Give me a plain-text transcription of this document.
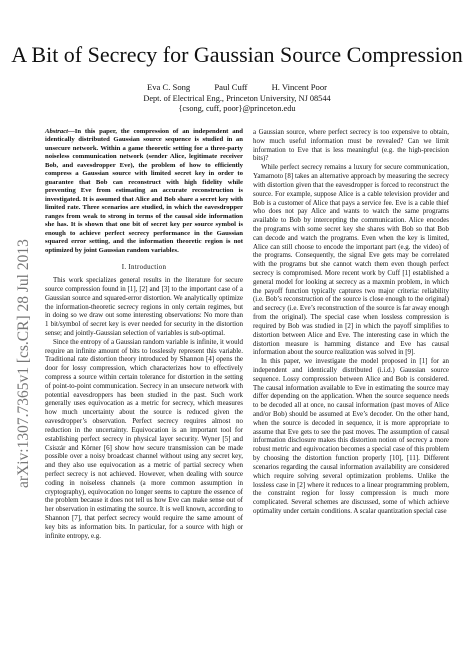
A Bit of Secrecy for Gaussian Source Compression
Eva C. Song	Paul Cuff	H. Vincent Poor
Dept. of Electrical Eng., Princeton University, NJ 08544
{csong, cuff, poor}@princeton.edu
arXiv:1307.7365v1 [cs.CR] 28 Jul 2013
Abstract—In this paper, the compression of an independent and identically distributed Gaussian source sequence is studied in an unsecure network. Within a game theoretic setting for a three-party noiseless communication network (sender Alice, legitimate receiver Bob, and eavesdropper Eve), the problem of how to efficiently compress a Gaussian source with limited secret key in order to guarantee that Bob can reconstruct with high fidelity while preventing Eve from estimating an accurate reconstruction is investigated. It is assumed that Alice and Bob share a secret key with limited rate. Three scenarios are studied, in which the eavesdropper ranges from weak to strong in terms of the causal side information she has. It is shown that one bit of secret key per source symbol is enough to achieve perfect secrecy performance in the Gaussian squared error setting, and the information theoretic region is not optimized by joint Gaussian random variables.
I. Introduction

This work specializes general results in the literature for secure source compression found in [1], [2] and [3] to the important case of a Gaussian source and squared-error distortion. We analytically optimize the information-theoretic secrecy regions in only certain regimes, but in doing so we draw out some interesting observations: No more than 1 bit/symbol of secret key is ever needed for security in the distortion sense; and jointly-Gaussian selection of variables is sub-optimal.

Since the entropy of a Gaussian random variable is infinite, it would require an infinite amount of bits to losslessly represent this variable. Traditional rate distortion theory introduced by Shannon [4] opens the door for lossy compression, which characterizes how to effectively compress a source within certain tolerance for distortion in the setting of point-to-point communication. Secrecy in an unsecure network with potential eavesdroppers has been studied in the past. Such work generally uses equivocation as a metric for secrecy, which measures how much uncertainty about the source is reduced given the eavesdropper’s observation. Perfect secrecy requires almost no reduction in the uncertainty. Equivocation is an important tool for establishing perfect secrecy in physical layer security. Wyner [5] and Csiszár and Körner [6] show how secure transmission can be made possible over a noisy broadcast channel without using any secret key, and they also use equivocation as a metric of partial secrecy when perfect secrecy is not achieved. However, when dealing with source coding in noiseless channels (a more common assumption in cryptography), equivocation no longer seems to capture the essence of the problem because it does not tell us how Eve can make sense out of her observation in estimating the source. It is well known, according to Shannon [7], that perfect secrecy would require the same amount of key bits as information bits. In particular, for a source with high or infinite entropy, e.g.

a Gaussian source, where perfect secrecy is too expensive to obtain, how much useful information must be revealed? Can we limit information to Eve that is less meaningful (e.g. the high-precision bits)?

While perfect secrecy remains a luxury for secure communication, Yamamoto [8] takes an alternative approach by measuring the secrecy with distortion given that the eavesdropper is forced to reconstruct the source. For example, suppose Alice is a cable television provider and Bob is a customer of Alice that pays a service fee. Eve is a cable thief who does not pay Alice and wants to watch the same programs available to Bob by intercepting the communication. Alice encodes the programs with some secret key she shares with Bob so that Bob can decode and watch the programs. Even when the key is limited, Alice can still choose to encode the important part (e.g. the video) of the programs. Consequently, the signal Eve gets may be correlated with the programs but she cannot watch them even though perfect secrecy is compromised. More recent work by Cuff [1] established a general model for looking at secrecy as a maxmin problem, in which the payoff function typically captures two major criteria: reliability (i.e. Bob’s reconstruction of the source is close enough to the original) and secrecy (i.e. Eve’s reconstruction of the source is far away enough from the original). The special case when lossless compression is required by Bob was studied in [2] in which the payoff simplifies to distortion between Alice and Eve. The interesting case in which the distortion measure is hamming distance and Eve has causal information about the source realization was solved in [9].

In this paper, we investigate the model proposed in [1] for an independent and identically distributed (i.i.d.) Gaussian source sequence. Lossy compression between Alice and Bob is considered. The causal information available to Eve in estimating the source may differ depending on the application. When the source sequence needs to be decoded all at once, no causal information (past moves of Alice and/or Bob) should be assumed at Eve’s decoder. On the other hand, when the source is decoded in sequence, it is more appropriate to assume that Eve gets to see the past moves. The assumption of causal information disclosure makes this distortion notion of secrecy a more robust metric and equivocation becomes a special case of this problem by choosing the distortion function properly [10], [11]. Different scenarios regarding the causal information availability are considered which require solving several optimization problems. Unlike the lossless case in [2] where it reduces to a linear programming problem, the constraint region for lossy compression is much more complicated. Several schemes are discussed, some of which achieve optimality under certain conditions. A scalar quantization special case
